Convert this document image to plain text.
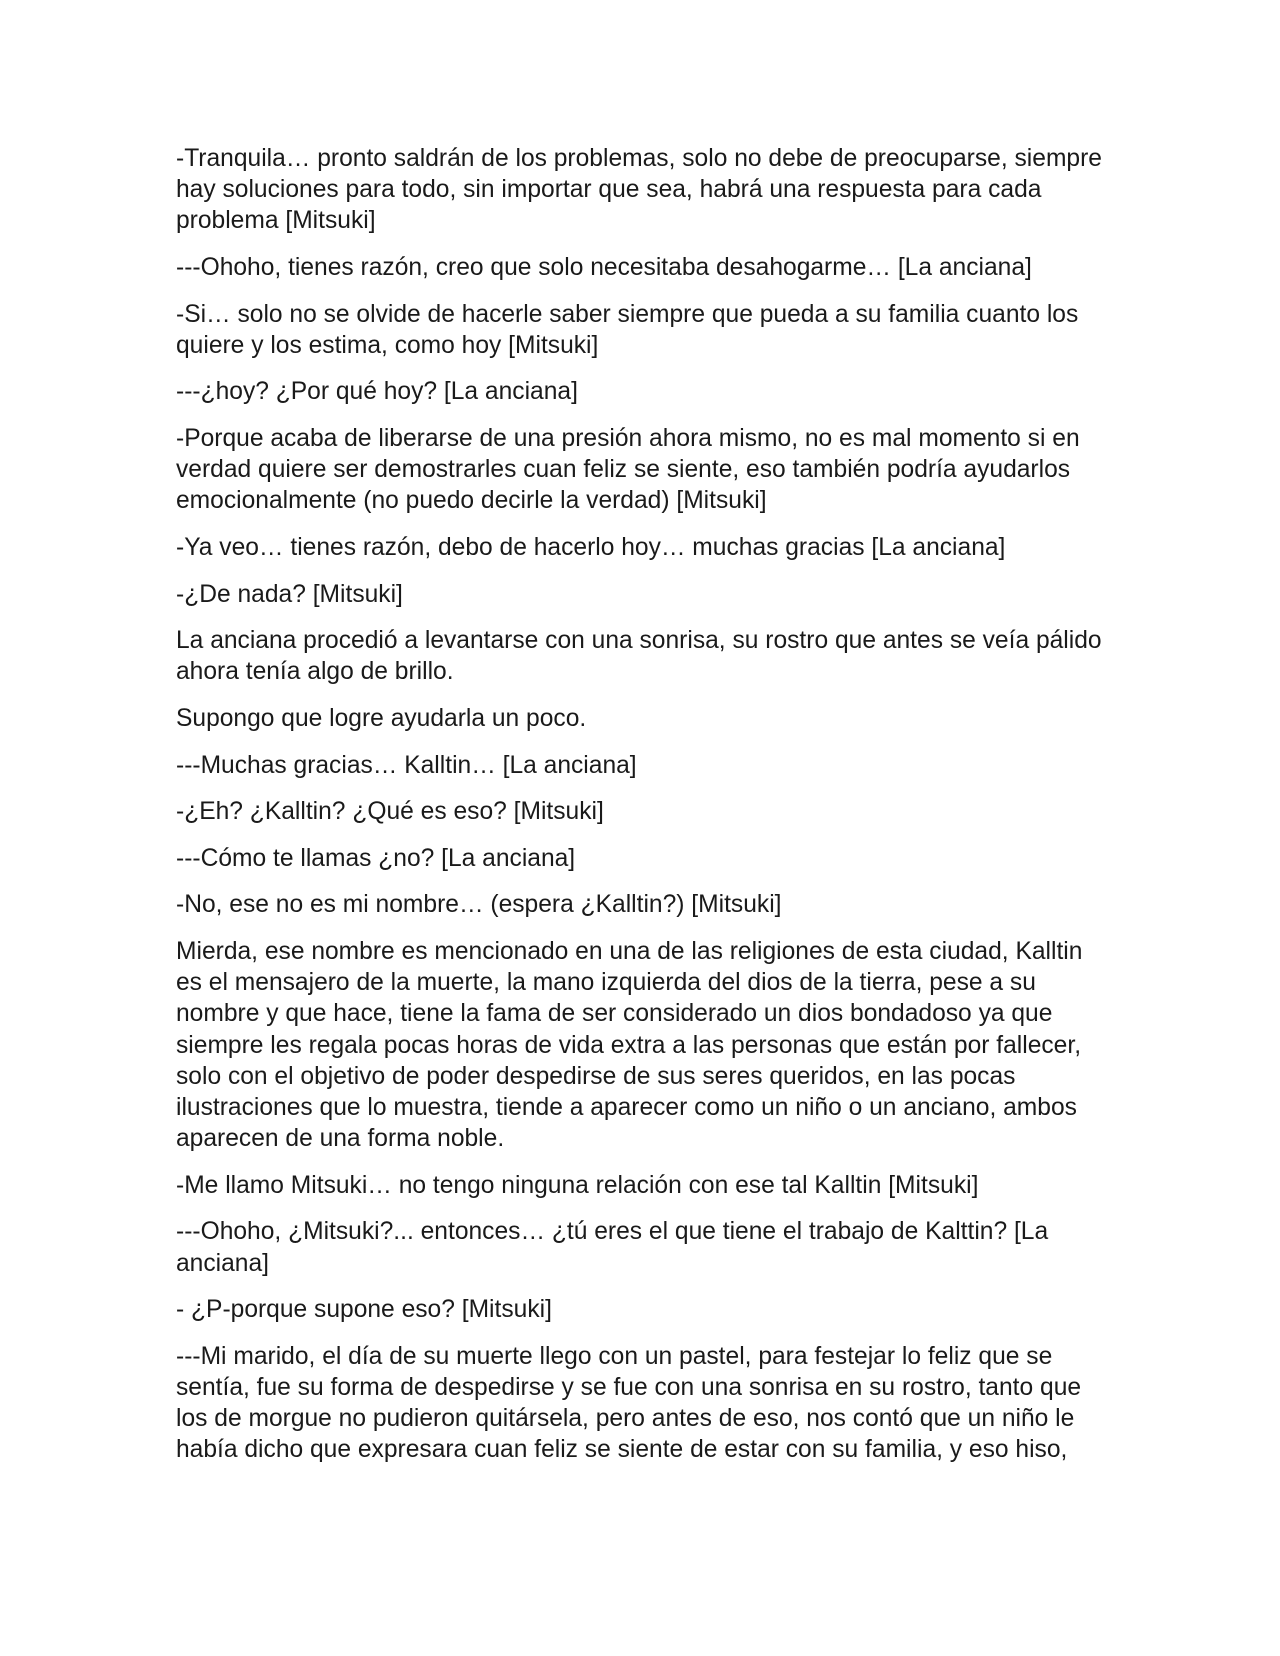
-Tranquila… pronto saldrán de los problemas, solo no debe de preocuparse, siempre hay soluciones para todo, sin importar que sea, habrá una respuesta para cada problema [Mitsuki]

---Ohoho, tienes razón, creo que solo necesitaba desahogarme… [La anciana]

-Si… solo no se olvide de hacerle saber siempre que pueda a su familia cuanto los quiere y los estima, como hoy [Mitsuki]

---¿hoy? ¿Por qué hoy? [La anciana]

-Porque acaba de liberarse de una presión ahora mismo, no es mal momento si en verdad quiere ser demostrarles cuan feliz se siente, eso también podría ayudarlos emocionalmente (no puedo decirle la verdad) [Mitsuki]

-Ya veo… tienes razón, debo de hacerlo hoy… muchas gracias [La anciana]

-¿De nada? [Mitsuki]

La anciana procedió a levantarse con una sonrisa, su rostro que antes se veía pálido ahora tenía algo de brillo.

Supongo que logre ayudarla un poco.

---Muchas gracias… Kalltin… [La anciana]

-¿Eh? ¿Kalltin? ¿Qué es eso? [Mitsuki]

---Cómo te llamas ¿no? [La anciana]

-No, ese no es mi nombre… (espera ¿Kalltin?) [Mitsuki]

Mierda, ese nombre es mencionado en una de las religiones de esta ciudad, Kalltin es el mensajero de la muerte, la mano izquierda del dios de la tierra, pese a su nombre y que hace, tiene la fama de ser considerado un dios bondadoso ya que siempre les regala pocas horas de vida extra a las personas que están por fallecer, solo con el objetivo de poder despedirse de sus seres queridos, en las pocas ilustraciones que lo muestra, tiende a aparecer como un niño o un anciano, ambos aparecen de una forma noble.

-Me llamo Mitsuki… no tengo ninguna relación con ese tal Kalltin [Mitsuki]

---Ohoho, ¿Mitsuki?... entonces… ¿tú eres el que tiene el trabajo de Kalttin? [La anciana]

- ¿P-porque supone eso? [Mitsuki]

---Mi marido, el día de su muerte llego con un pastel, para festejar lo feliz que se sentía, fue su forma de despedirse y se fue con una sonrisa en su rostro, tanto que los de morgue no pudieron quitársela, pero antes de eso, nos contó que un niño le había dicho que expresara cuan feliz se siente de estar con su familia, y eso hiso,
